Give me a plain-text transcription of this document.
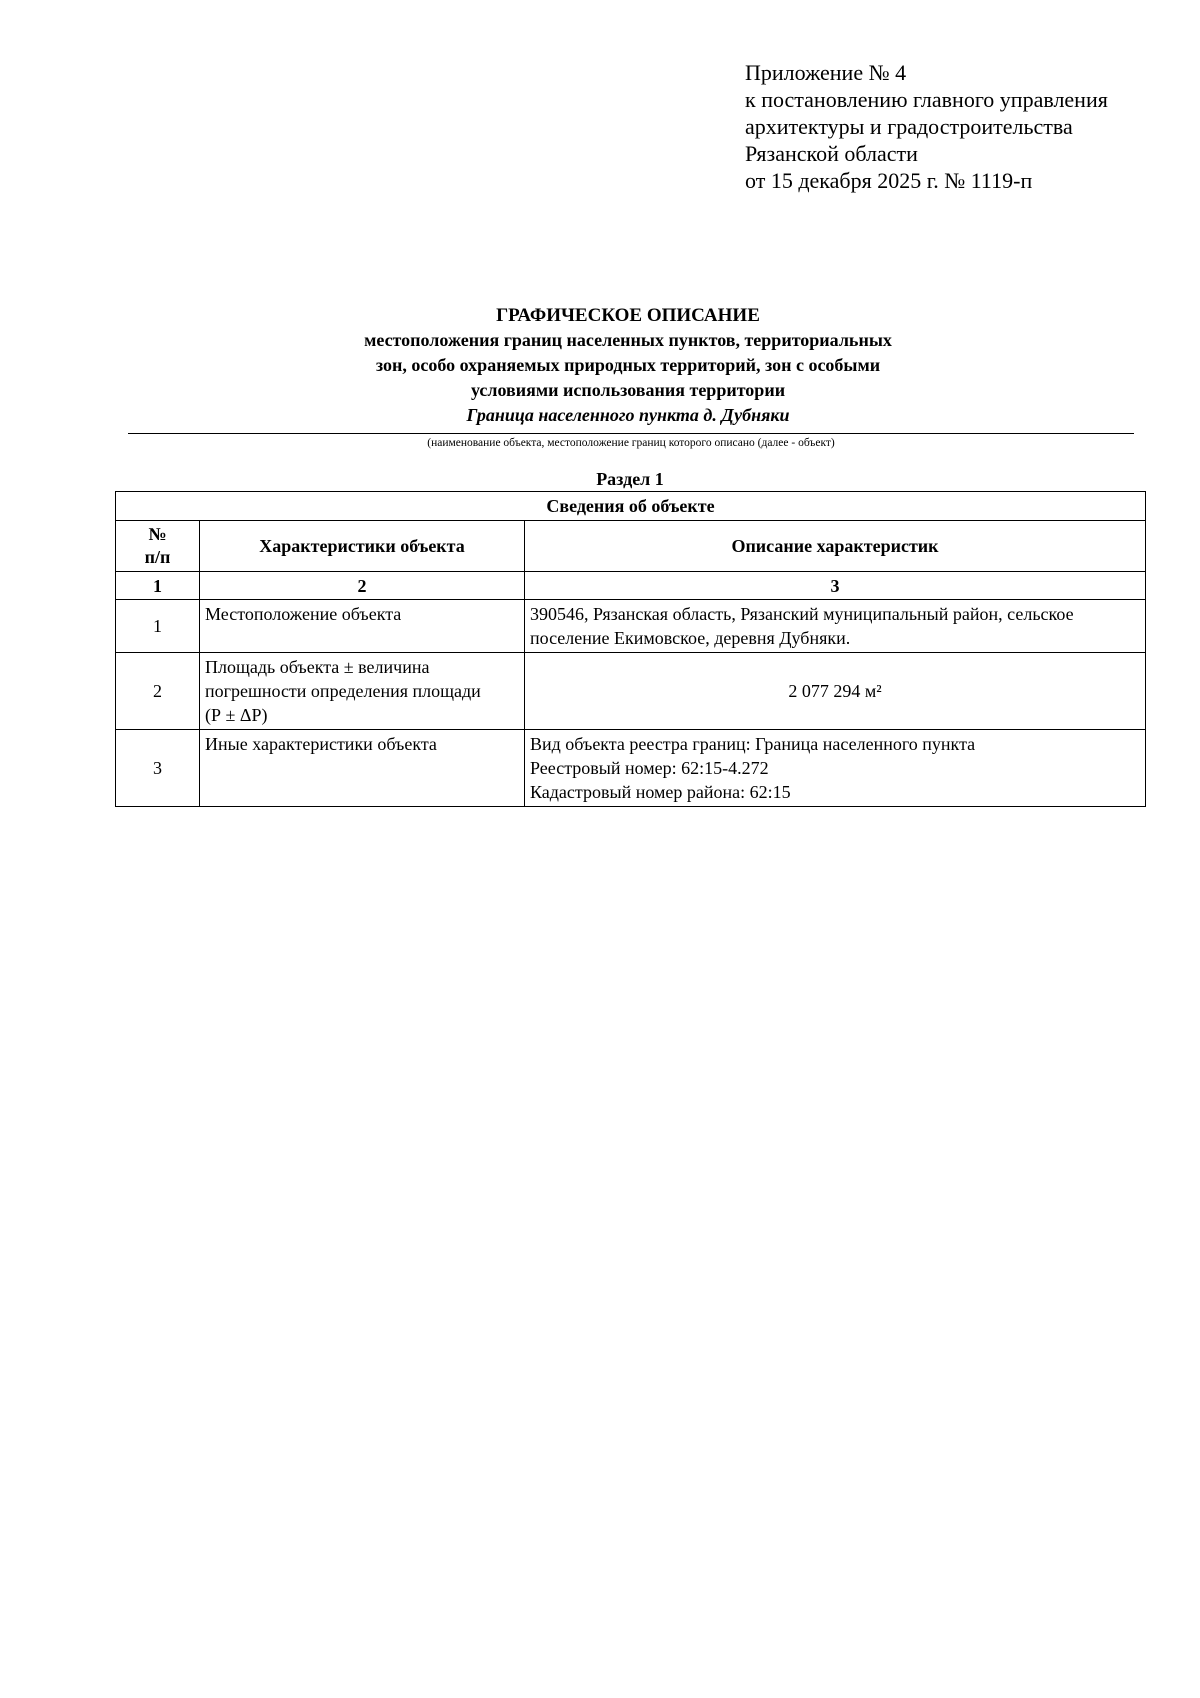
Приложение № 4
к постановлению главного управления
архитектуры и градостроительства
Рязанской области
от 15 декабря 2025 г. № 1119-п
ГРАФИЧЕСКОЕ ОПИСАНИЕ
местоположения границ населенных пунктов, территориальных
зон, особо охраняемых природных территорий, зон с особыми
условиями использования территории
Граница населенного пункта д. Дубняки
(наименование объекта, местоположение границ которого описано (далее - объект)
Раздел 1
Сведения об объекте		

№
п/п	Характеристики объекта	Описание характеристик
1	2	3
1	Местоположение объекта	390546, Рязанская область, Рязанский муниципальный район, сельское
поселение Екимовское, деревня Дубняки.

2	Площадь объекта ± величина
погрешности определения площади
(Р ± ΔР)	2 077 294 м²
3	Иные характеристики объекта	Вид объекта реестра границ: Граница населенного пункта
Реестровый номер: 62:15-4.272
Кадастровый номер района: 62:15
